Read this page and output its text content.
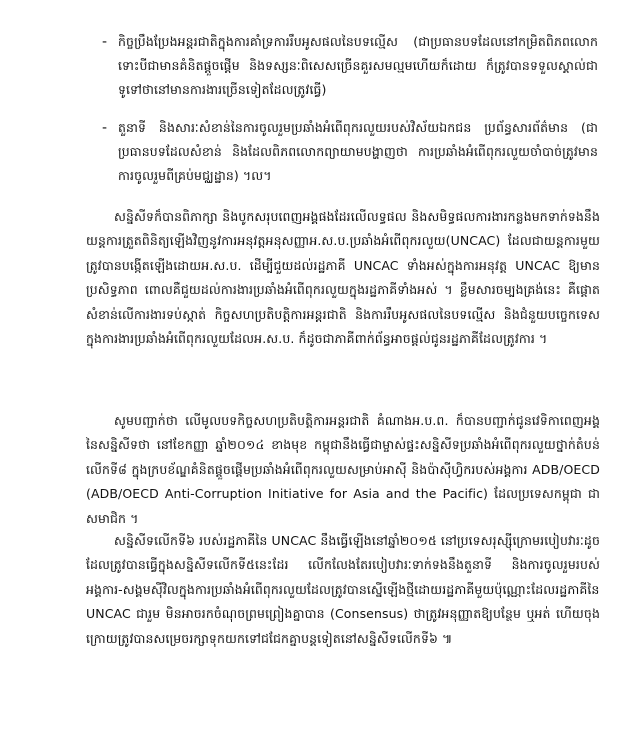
- កិច្ចប្រឹងប្រែងអន្តរជាតិក្នុងការគាំទ្រការរឹបអូសផលនៃបទល្មើស (ជាប្រធានបទដែលនៅកម្រិតពិភពលោក ទោះបីជាមានគំនិតផ្តួចផ្តើម និងទស្សនៈពិសេសច្រើនគួរសមល្មមហើយក៏ដោយ ក៏ត្រូវបានទទួលស្គាល់ជាទូទៅថានៅមានការងារច្រើនទៀតដែលត្រូវធ្វើ)
- តួនាទី និងសារៈសំខាន់នៃការចូលរួមប្រឆាំងអំពើពុករលួយរបស់វិស័យឯកជន ប្រព័ន្ធសារព័ត៌មាន (ជាប្រធានបទដែលសំខាន់ និងដែលពិភពលោកព្យាយាមបង្ហាញថា ការប្រឆាំងអំពើពុករលួយចាំបាច់ត្រូវមានការចូលរួមពីគ្រប់មជ្ឈដ្ឋាន) ។ល។

សន្និសីទក៏បានពិភាក្សា និងបូកសរុបពេញអង្គផងដែរលើលទ្ធផល និងសមិទ្ធផលការងារកន្លងមកទាក់ទងនឹងយន្តការត្រួតពិនិត្យឡើងវិញនូវការអនុវត្តអនុសញ្ញាអ.ស.ប.ប្រឆាំងអំពើពុករលួយ(UNCAC) ដែលជាយន្តការមួយត្រូវបានបង្កើតឡើងដោយអ.ស.ប. ដើម្បីជួយដល់រដ្ឋភាគី UNCAC ទាំងអស់ក្នុងការអនុវត្ត UNCAC ឱ្យមានប្រសិទ្ធភាព ពោលគឺជួយដល់ការងារប្រឆាំងអំពើពុករលួយក្នុងរដ្ឋភាគីទាំងអស់ ។ ខ្លឹមសារចម្បងគ្រង់នេះ គឺផ្តោតសំខាន់លើការងារទប់ស្កាត់ កិច្ចសហប្រតិបត្តិការអន្តរជាតិ និងការរឹបអូសផលនៃបទល្មើស និងជំនួយបច្ចេកទេសក្នុងការងារប្រឆាំងអំពើពុករលួយដែលអ.ស.ប. ក៏ដូចជាភាគីពាក់ព័ន្ធអាចផ្តល់ជូនរដ្ឋភាគីដែលត្រូវការ ។

សូមបញ្ជាក់ថា លើមូលបទកិច្ចសហប្រតិបត្តិការអន្តរជាតិ គំណាងអ.ប.ព. ក៏បានបញ្ជាក់ជូនវេទិកាពេញអង្គនៃសន្និសីទថា នៅខែកញ្ញា ឆ្នាំ២០១៤ ខាងមុខ កម្ពុជានឹងធ្វើជាម្ចាស់ផ្ទះសន្និសីទប្រឆាំងអំពើពុករលួយថ្នាក់តំបន់លើកទី៨ ក្នុងក្របខ័ណ្ឌគំនិតផ្តួចផ្តើមប្រឆាំងអំពើពុករលួយសម្រាប់អាស៊ី និងប៉ាស៊ីហ្វិករបស់អង្គការ ADB/OECD (ADB/OECD Anti-Corruption Initiative for Asia and the Pacific) ដែលប្រទេសកម្ពុជា ជាសមាជិក ។

សន្និសីទលើកទី៦ របស់រដ្ឋភាគីនៃ UNCAC នឹងធ្វើឡើងនៅឆ្នាំ២០១៥ នៅប្រទេសរុស្ស៊ីក្រោមរបៀបវារៈដូចដែលត្រូវបានធ្វើក្នុងសន្និសីទលើកទី៥នេះដែរ លើកលែងតែរបៀបវារៈទាក់ទងនឹងតួនាទី និងការចូលរួមរបស់អង្គការ-សង្គមស៊ីវិលក្នុងការប្រឆាំងអំពើពុករលួយដែលត្រូវបានស្នើឡើងថ្មីដោយរដ្ឋភាគីមួយប៉ុណ្ណោះដែលរដ្ឋភាគីនៃ UNCAC ជារួម មិនអាចរកចំណុចព្រមព្រៀងគ្នាបាន (Consensus) ថាត្រូវអនុញ្ញាតឱ្យបន្ថែម ឬអត់ ហើយចុងក្រោយត្រូវបានសម្រេចរក្សាទុកយកទៅជជែកគ្នាបន្តទៀតនៅសន្និសីទលើកទី៦ ៕
